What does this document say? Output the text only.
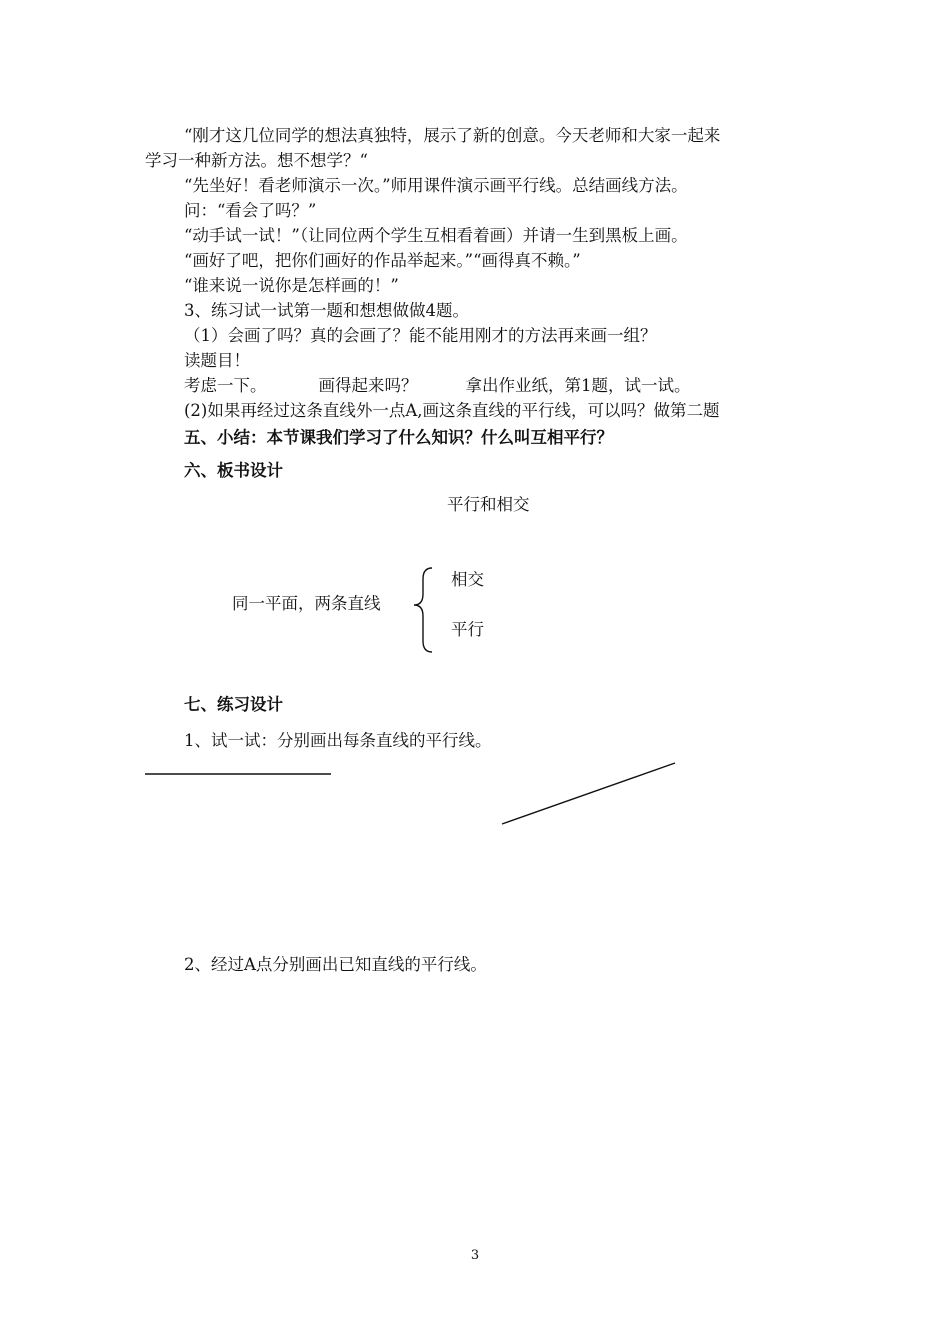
“刚才这几位同学的想法真独特，展示了新的创意。今天老师和大家一起来
学习一种新方法。想不想学？“
“先坐好！看老师演示一次。”师用课件演示画平行线。总结画线方法。
问：“看会了吗？”
“动手试一试！”（让同位两个学生互相看着画）并请一生到黑板上画。
“画好了吧，把你们画好的作品举起来。”“画得真不赖。”
“谁来说一说你是怎样画的！”
3、练习试一试第一题和想想做做4题。
（1）会画了吗？真的会画了？能不能用刚才的方法再来画一组？
读题目！
考虑一下。	画得起来吗？	拿出作业纸，第1题，试一试。
(2)如果再经过这条直线外一点A,画这条直线的平行线，可以吗？做第二题
五、小结：本节课我们学习了什么知识？什么叫互相平行？
六、板书设计
平行和相交
同一平面，两条直线
相交
平行
七、练习设计
1、试一试：分别画出每条直线的平行线。
2、经过A点分别画出已知直线的平行线。
3
